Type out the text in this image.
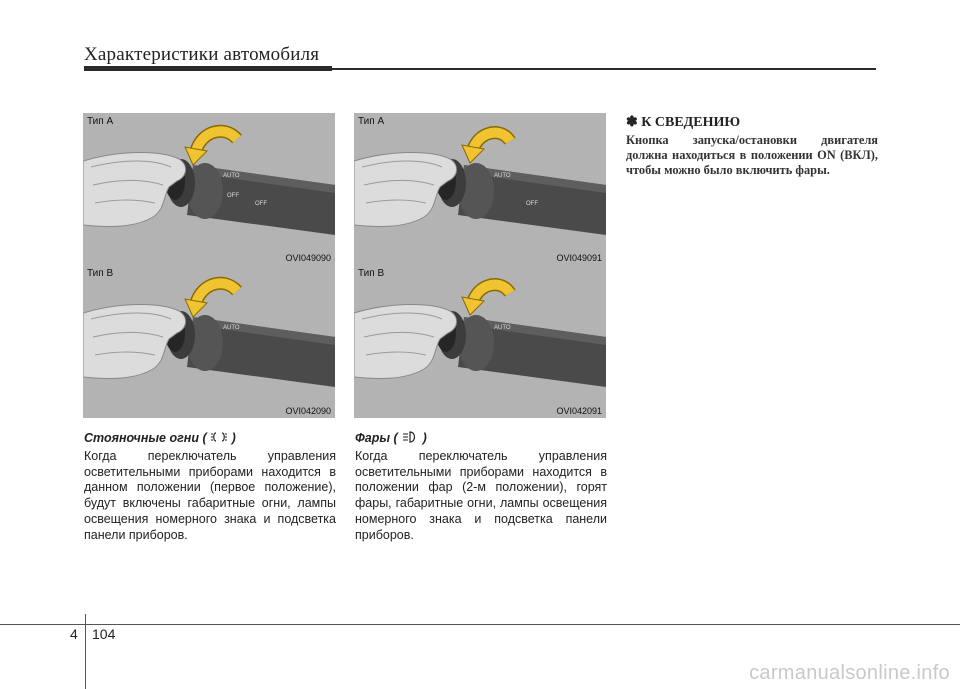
Характеристики автомобиля
AUTO
OFF
OFF
Тип A
OVI049090
AUTO
Тип B
OVI042090
AUTO
OFF
Тип A
OVI049091
AUTO
Тип B
OVI042091
Стояночные огни ( )
Когда переключатель управления осветительными приборами находится в данном положении (первое положение), будут включены габаритные огни, лампы освещения номерного знака и подсветка панели приборов.
Фары ( )
Когда переключатель управления осветительными приборами находится в положении фар (2-м положении), горят фары, габаритные огни, лампы освещения номерного знака и подсветка панели приборов.
✽ К СВЕДЕНИЮ
Кнопка запуска/остановки двигателя должна находиться в положении ON (ВКЛ), чтобы можно было включить фары.
4 104
carmanualsonline.info
